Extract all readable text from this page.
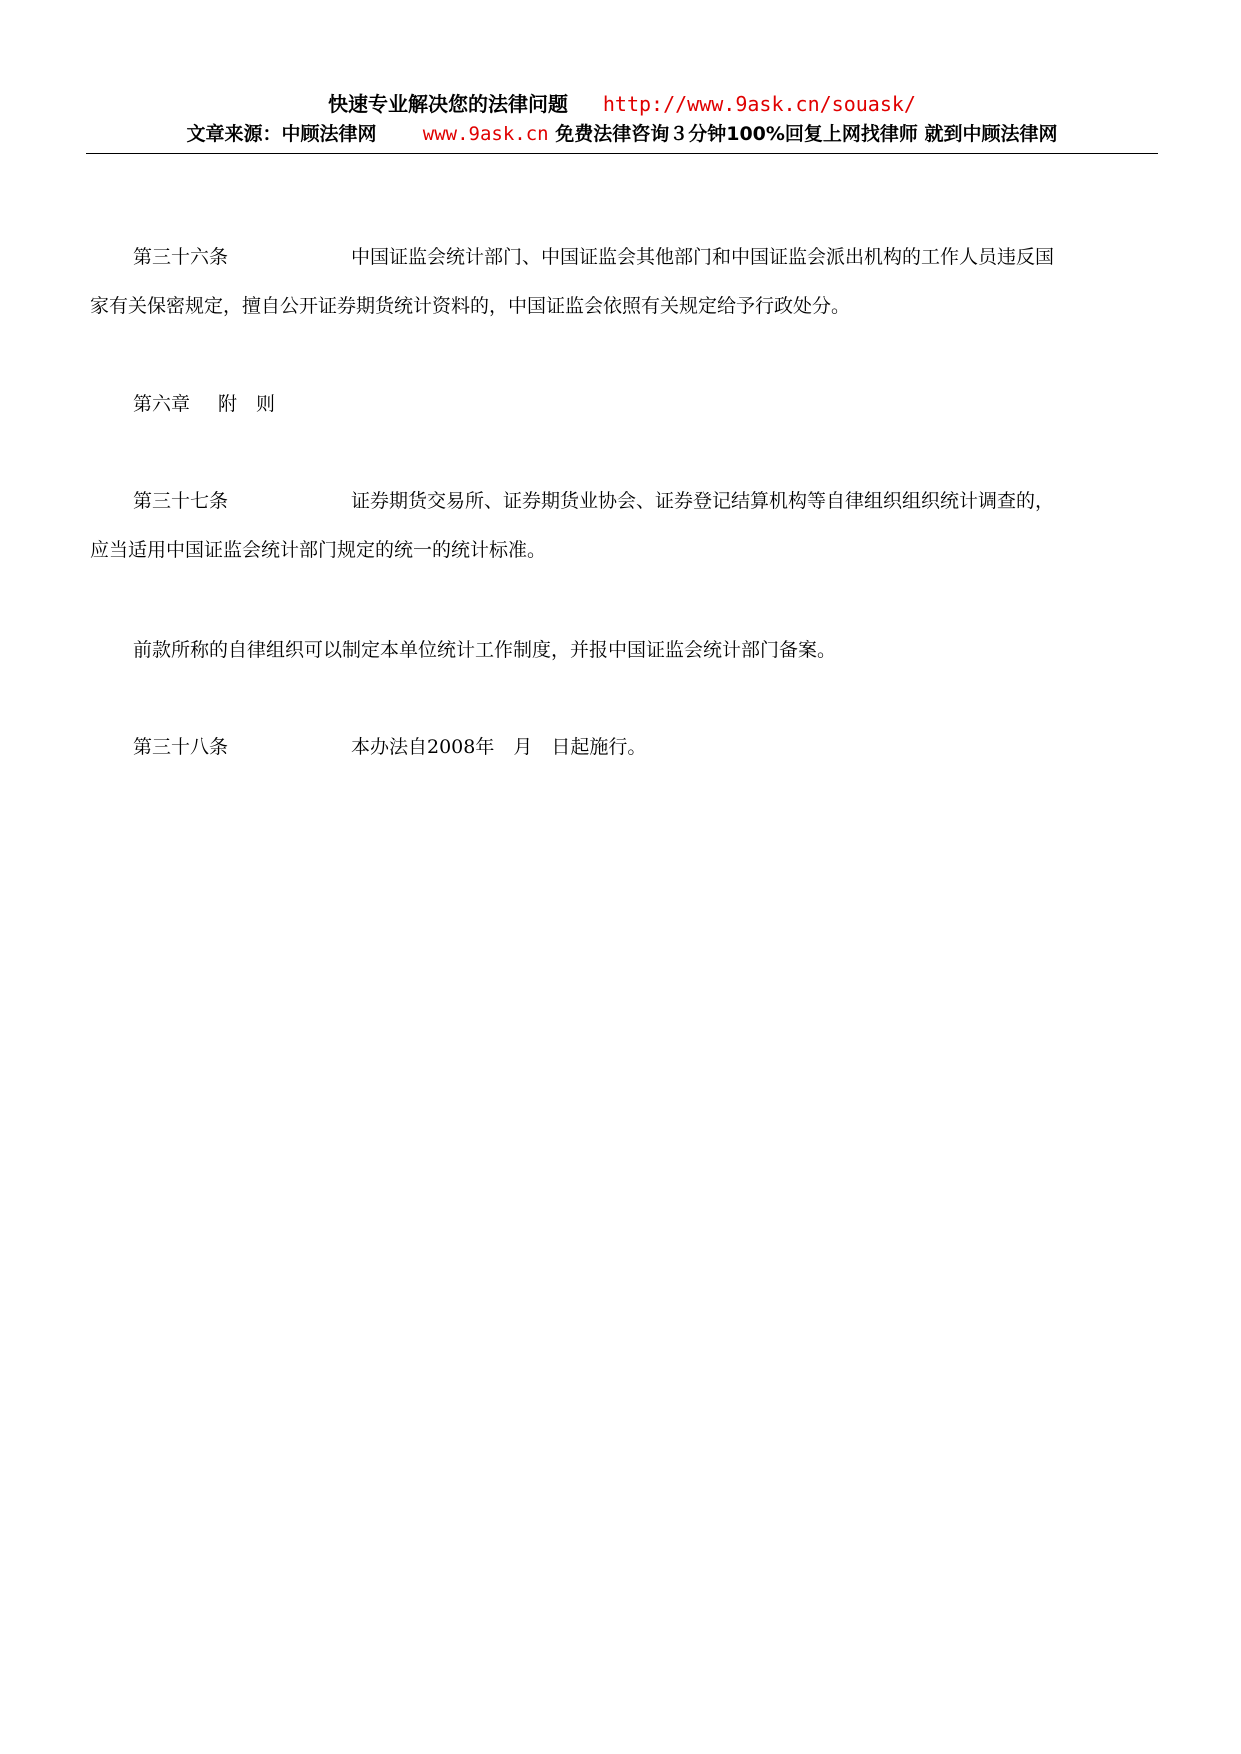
快速专业解决您的法律问题 http://www.9ask.cn/souask/
文章来源：中顾法律网 www.9ask.cn 免费法律咨询３分钟100%回复上网找律师 就到中顾法律网
第三十六条	中国证监会统计部门、中国证监会其他部门和中国证监会派出机构的工作人员违反国
家有关保密规定，擅自公开证券期货统计资料的，中国证监会依照有关规定给予行政处分。
第六章 附　则
第三十七条	证券期货交易所、证券期货业协会、证券登记结算机构等自律组织组织统计调查的，
应当适用中国证监会统计部门规定的统一的统计标准。
前款所称的自律组织可以制定本单位统计工作制度，并报中国证监会统计部门备案。
第三十八条	本办法自2008年　月　日起施行。
